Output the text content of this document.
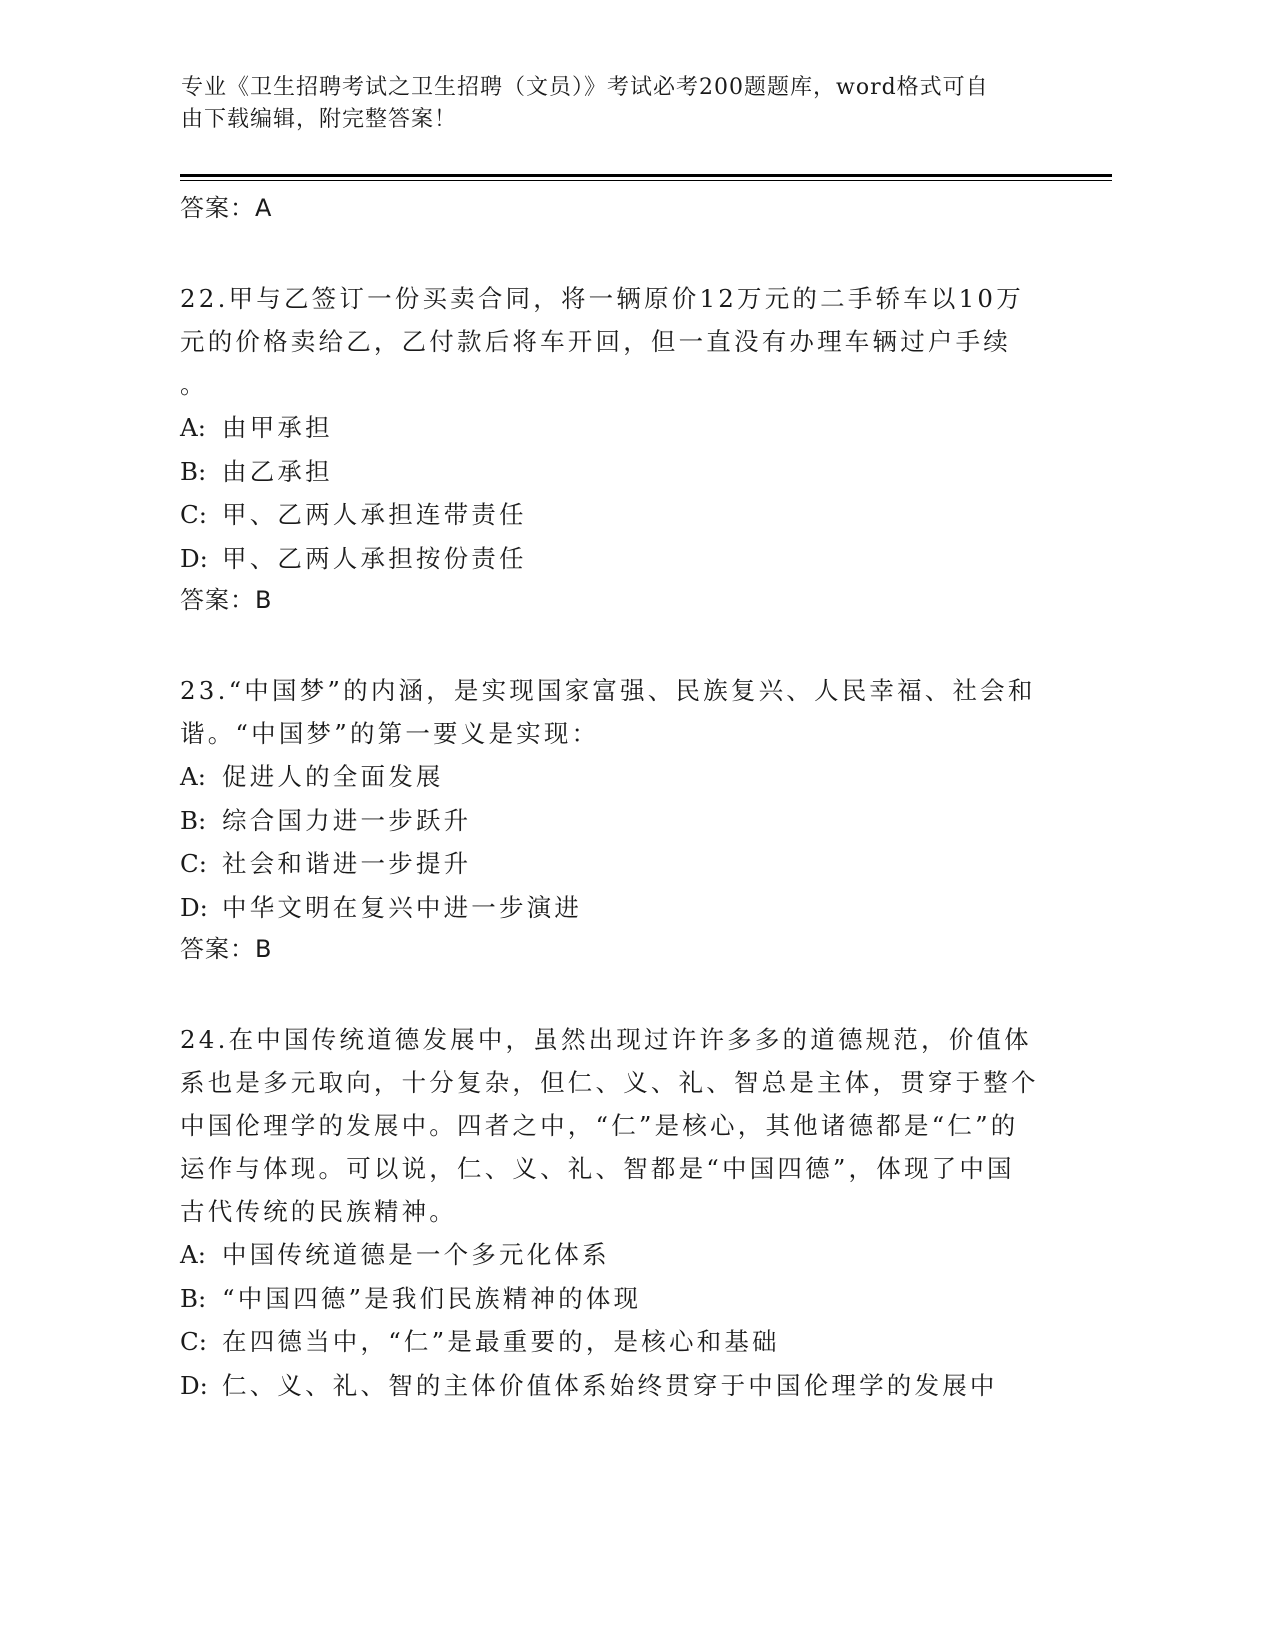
专业《卫生招聘考试之卫生招聘（文员）》考试必考200题题库，word格式可自
由下载编辑，附完整答案！
答案：A
22.甲与乙签订一份买卖合同，将一辆原价12万元的二手轿车以10万元的价格卖给乙，乙付款后将车开回，但一直没有办理车辆过户手续
。
A: 由甲承担
B: 由乙承担
C: 甲、乙两人承担连带责任
D: 甲、乙两人承担按份责任
答案：B
23.“中国梦”的内涵，是实现国家富强、民族复兴、人民幸福、社会和谐。“中国梦”的第一要义是实现：
A: 促进人的全面发展
B: 综合国力进一步跃升
C: 社会和谐进一步提升
D: 中华文明在复兴中进一步演进
答案：B
24.在中国传统道德发展中，虽然出现过许许多多的道德规范，价值体系也是多元取向，十分复杂，但仁、义、礼、智总是主体，贯穿于整个中国伦理学的发展中。四者之中，“仁”是核心，其他诸德都是“仁”的运作与体现。可以说，仁、义、礼、智都是“中国四德”，体现了中国古代传统的民族精神。
A: 中国传统道德是一个多元化体系
B: “中国四德”是我们民族精神的体现
C: 在四德当中，“仁”是最重要的，是核心和基础
D: 仁、义、礼、智的主体价值体系始终贯穿于中国伦理学的发展中
